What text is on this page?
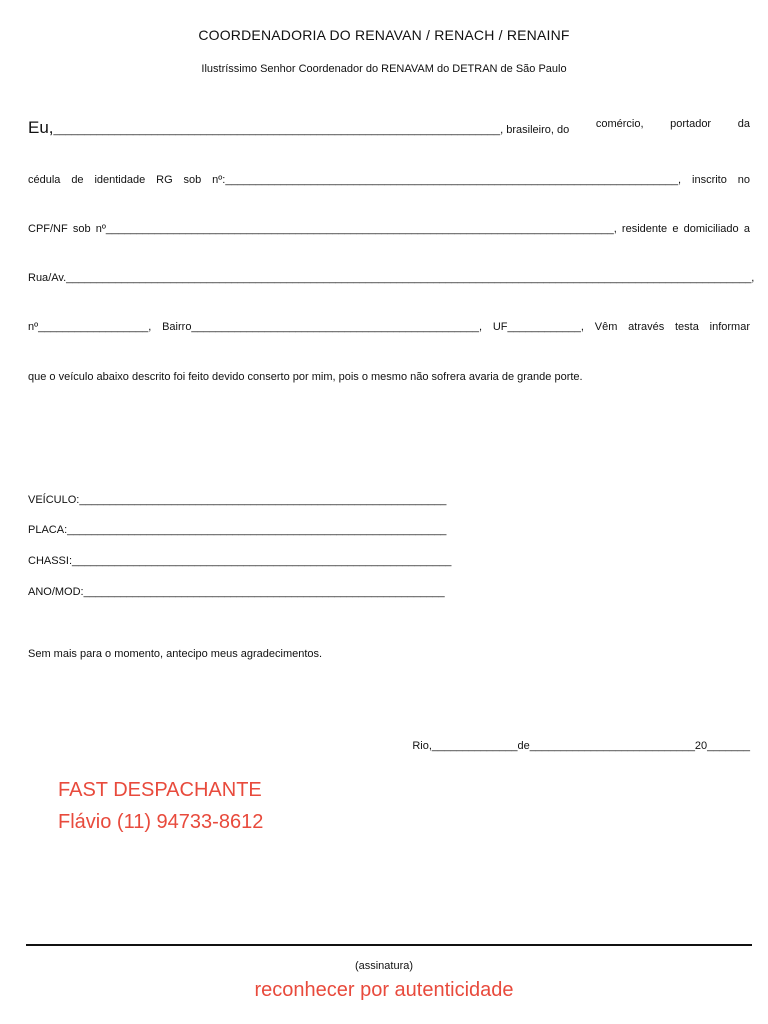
COORDENADORIA DO RENAVAN / RENACH / RENAINF
Ilustríssimo Senhor Coordenador do RENAVAM do DETRAN de São Paulo
Eu,_________________________________________________________________________, brasileiro, do comércio, portador da
cédula de identidade RG sob nº:__________________________________________________________________________, inscrito no
CPF/NF sob nº___________________________________________________________________________________, residente e domiciliado a
Rua / Av.________________________________________________________________________________________________________________,
nº__________________, Bairro_______________________________________________, UF____________, Vêm através testa informar
que o veículo abaixo descrito foi feito devido conserto por mim, pois o mesmo não sofrera avaria de grande porte.
VEÍCULO:____________________________________________________________
PLACA:______________________________________________________________
CHASSI:______________________________________________________________
ANO/MOD:___________________________________________________________
Sem mais para o momento, antecipo meus agradecimentos.
Rio,______________de___________________________20_______
FAST DESPACHANTE
Flávio (11) 94733-8612
(assinatura)
reconhecer por autenticidade
